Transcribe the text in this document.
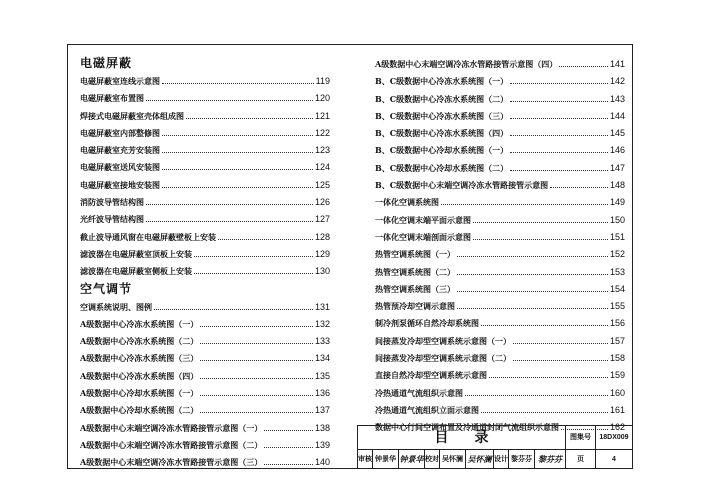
电磁屏蔽
电磁屏蔽室连线示意图	119
电磁屏蔽室布置图	120
焊接式电磁屏蔽室壳体组成图	121
电磁屏蔽室内部整修图	122
电磁屏蔽室充芳安装图	123
电磁屏蔽室送风安装图	124
电磁屏蔽室接地安装图	125
消防波导管结构图	126
光纤波导管结构图	127
截止波导通风窗在电磁屏蔽壁板上安装	128
滤波器在电磁屏蔽室顶板上安装	129
滤波器在电磁屏蔽室侧板上安装	130
空气调节
空调系统说明、图例	131
A级数据中心冷冻水系统图（一）	132
A级数据中心冷冻水系统图（二）	133
A级数据中心冷冻水系统图（三）	134
A级数据中心冷冻水系统图（四）	135
A级数据中心冷却水系统图（一）	136
A级数据中心冷却水系统图（二）	137
A级数据中心末端空调冷冻水管路接管示意图（一）	138
A级数据中心末端空调冷冻水管路接管示意图（二）	139
A级数据中心末端空调冷冻水管路接管示意图（三）	140
A级数据中心末端空调冷冻水管路接管示意图（四）	141
B、C级数据中心冷冻水系统图（一）	142
B、C级数据中心冷冻水系统图（二）	143
B、C级数据中心冷冻水系统图（三）	144
B、C级数据中心冷冻水系统图（四）	145
B、C级数据中心冷却水系统图（一）	146
B、C级数据中心冷却水系统图（二）	147
B、C级数据中心末端空调冷冻水管路接管示意图	148
一体化空调系统图	149
一体化空调末端平面示意图	150
一体化空调末端剖面示意图	151
热管空调系统图（一）	152
热管空调系统图（二）	153
热管空调系统图（三）	154
热管预冷却空调示意图	155
制冷剂泵循环自然冷却系统图	156
间接蒸发冷却型空调系统示意图（一）	157
间接蒸发冷却型空调系统示意图（二）	158
直接自然冷却型空调系统示意图	159
冷热通道气流组织示意图	160
冷热通道气流组织立面示意图	161
数据中心行间空调布置及冷通道封闭气流组织示意图	162
目录	图集号	18DX009
审核 钟景华 钟景华 校对 吴怀澜 吴怀澜 设计 黎芬芬 黎芬芬	页	4
